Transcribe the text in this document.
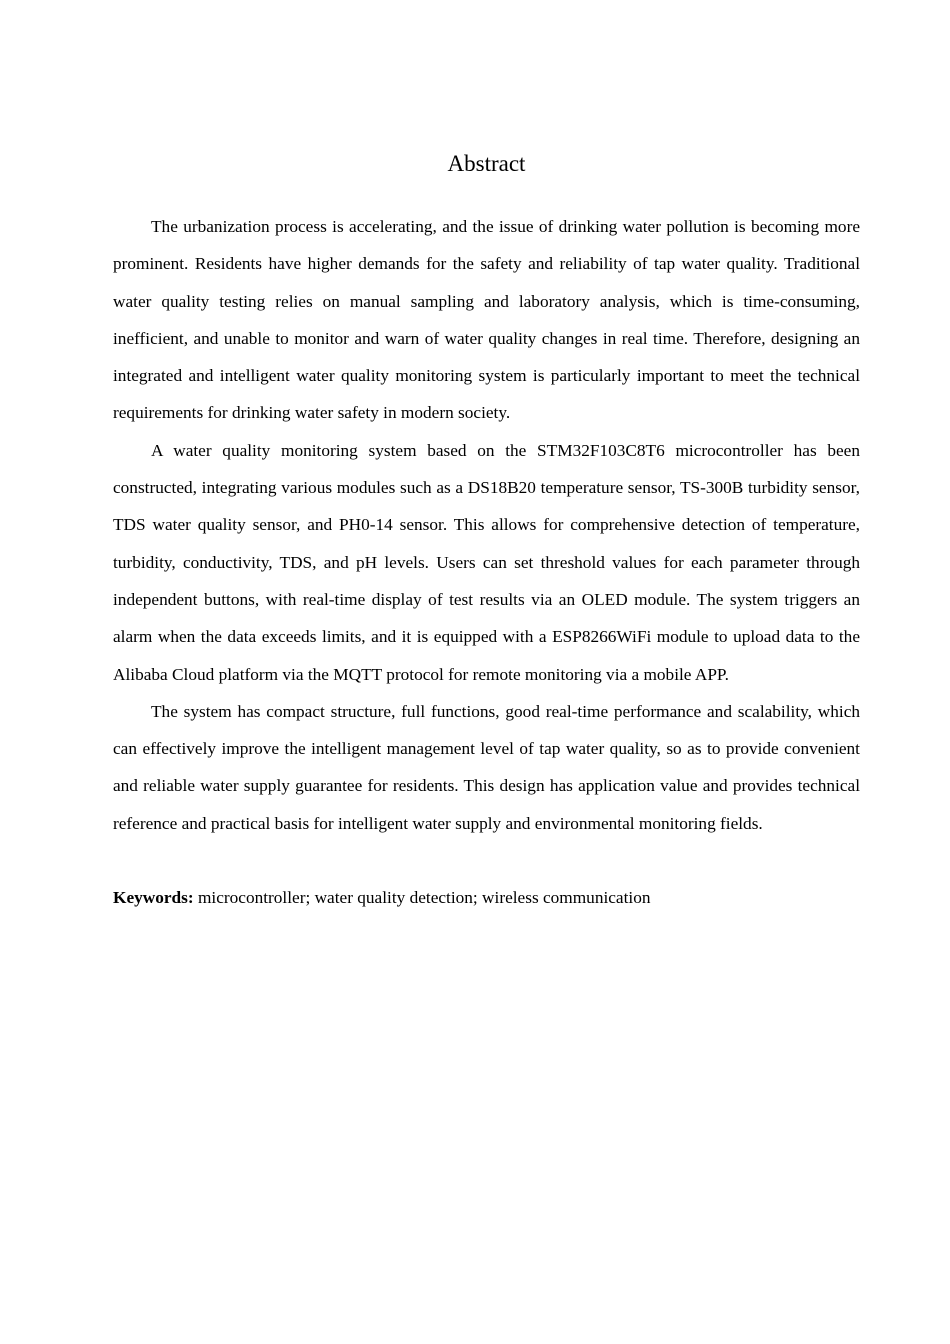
Abstract

The urbanization process is accelerating, and the issue of drinking water pollution is becoming more prominent. Residents have higher demands for the safety and reliability of tap water quality. Traditional water quality testing relies on manual sampling and laboratory analysis, which is time-consuming, inefficient, and unable to monitor and warn of water quality changes in real time. Therefore, designing an integrated and intelligent water quality monitoring system is particularly important to meet the technical requirements for drinking water safety in modern society.

A water quality monitoring system based on the STM32F103C8T6 microcontroller has been constructed, integrating various modules such as a DS18B20 temperature sensor, TS-300B turbidity sensor, TDS water quality sensor, and PH0-14 sensor. This allows for comprehensive detection of temperature, turbidity, conductivity, TDS, and pH levels. Users can set threshold values for each parameter through independent buttons, with real-time display of test results via an OLED module. The system triggers an alarm when the data exceeds limits, and it is equipped with a ESP8266WiFi module to upload data to the Alibaba Cloud platform via the MQTT protocol for remote monitoring via a mobile APP.

The system has compact structure, full functions, good real-time performance and scalability, which can effectively improve the intelligent management level of tap water quality, so as to provide convenient and reliable water supply guarantee for residents. This design has application value and provides technical reference and practical basis for intelligent water supply and environmental monitoring fields.

Keywords: microcontroller; water quality detection; wireless communication
